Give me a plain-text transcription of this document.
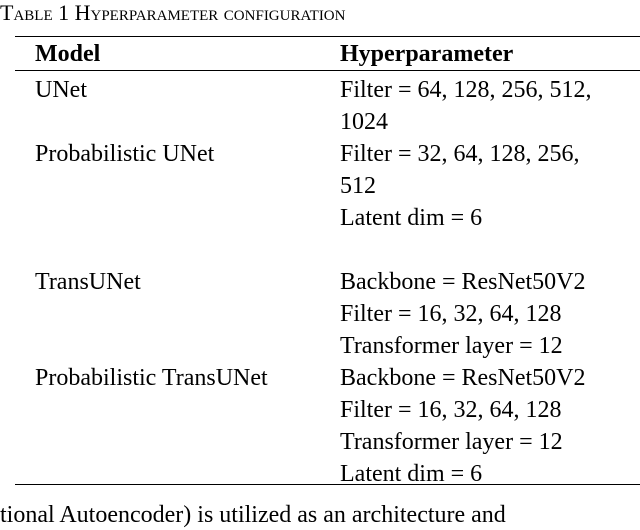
Table 1 Hyperparameter configuration
Model	Hyperparameter
UNet	Filter = 64, 128, 256, 512,
1024
Probabilistic UNet	Filter = 32, 64, 128, 256,
512
Latent dim = 6
TransUNet	Backbone = ResNet50V2
Filter = 16, 32, 64, 128
Transformer layer = 12
Probabilistic TransUNet	Backbone = ResNet50V2
Filter = 16, 32, 64, 128
Transformer layer = 12
Latent dim = 6
tional Autoencoder) is utilized as an architecture and
